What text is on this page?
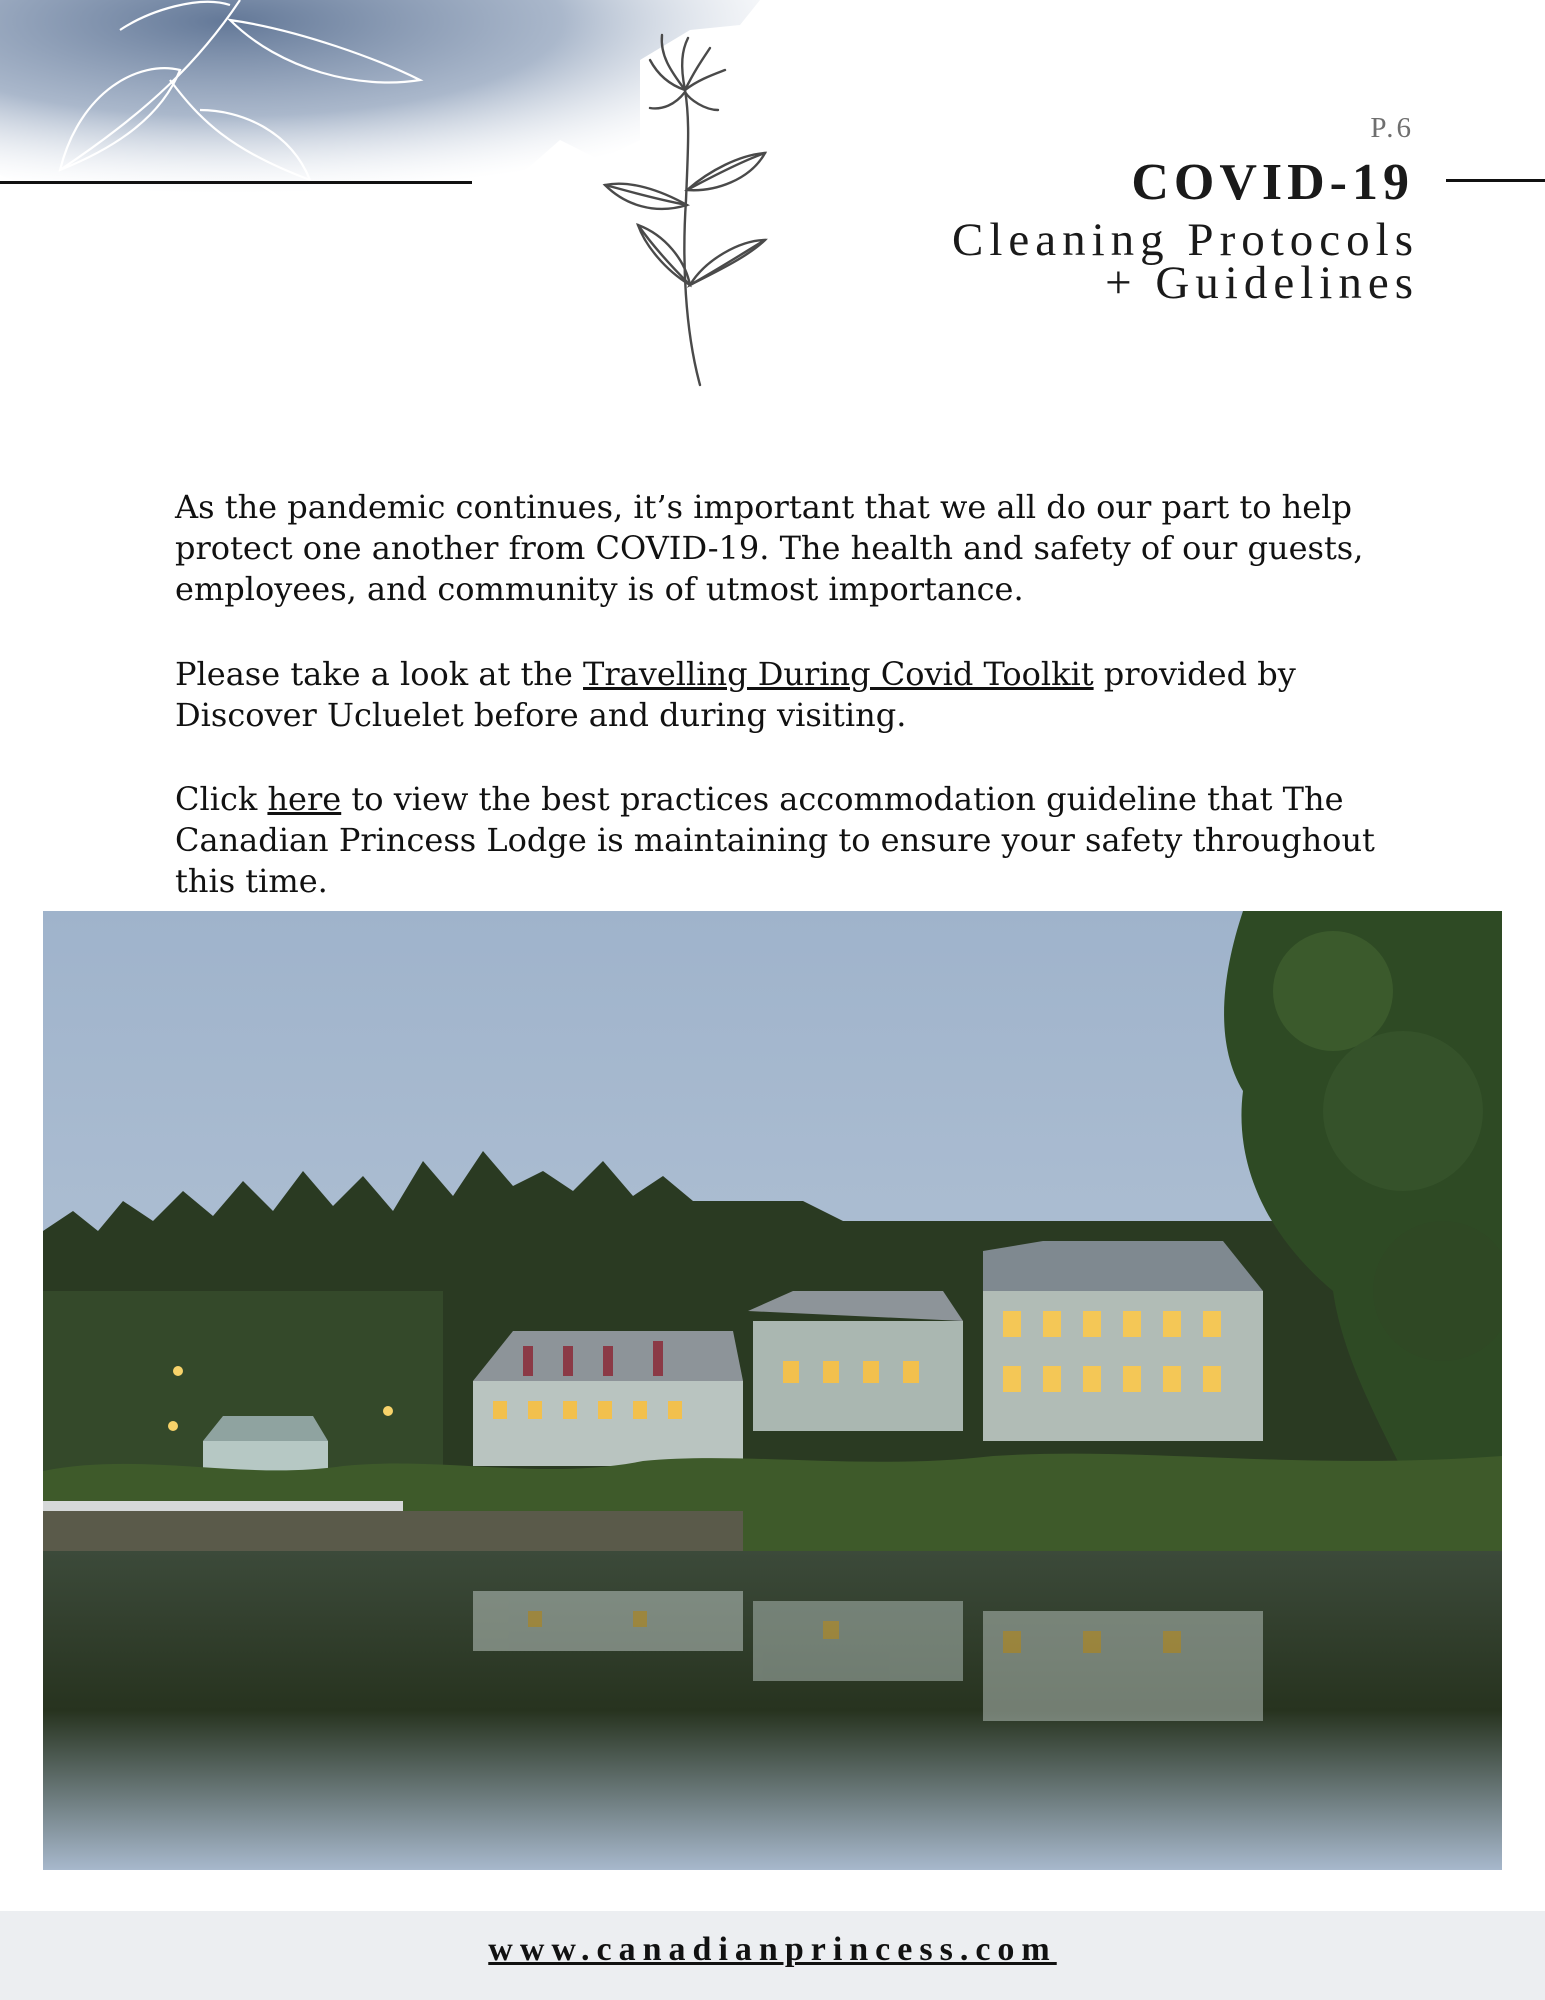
P.6
COVID-19
Cleaning Protocols
+ Guidelines

As the pandemic continues, it’s important that we all do our part to help protect one another from COVID-19. The health and safety of our guests, employees, and community is of utmost importance.

Please take a look at the Travelling During Covid Toolkit provided by Discover Ucluelet before and during visiting.

Click here to view the best practices accommodation guideline that The Canadian Princess Lodge is maintaining to ensure your safety throughout this time.

www.canadianprincess.com
